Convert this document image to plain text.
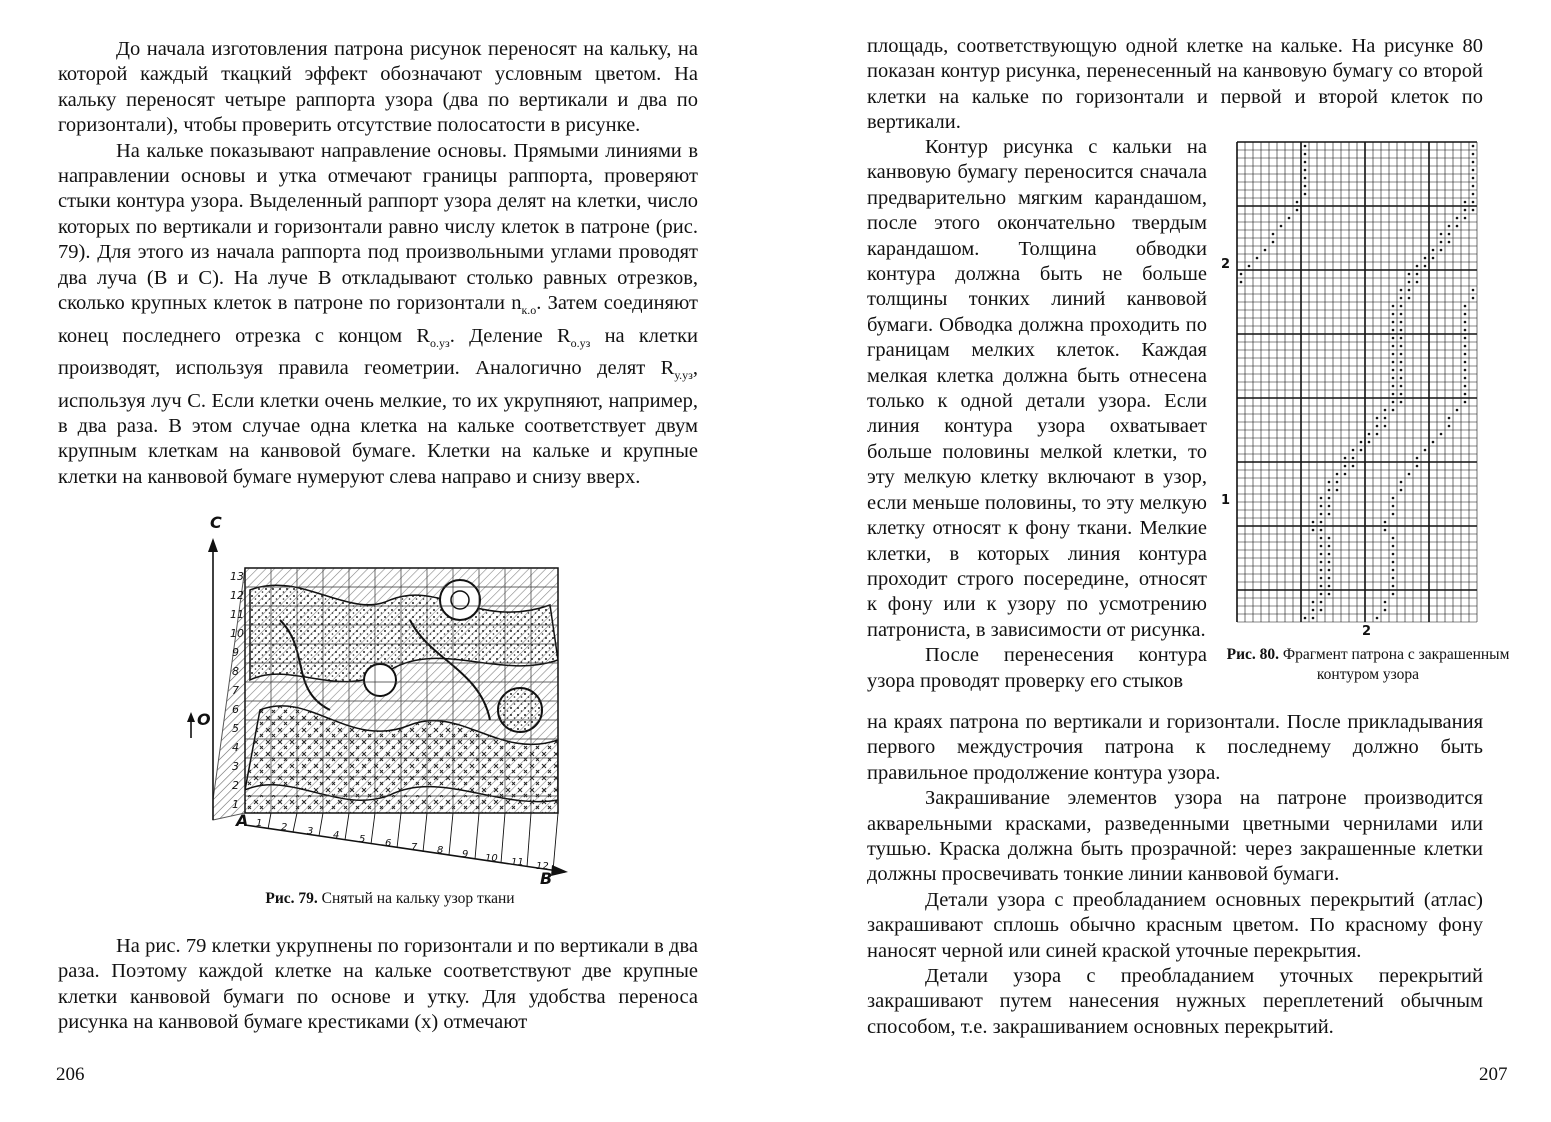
До начала изготовления патрона рисунок переносят на кальку, на которой каждый ткацкий эффект обозначают условным цветом. На кальку переносят четыре раппорта узора (два по вертикали и два по горизонтали), чтобы проверить отсутствие полосатости в рисунке.

На кальке показывают направление основы. Прямыми линиями в направлении основы и утка отмечают границы раппорта, проверяют стыки контура узора. Выделенный раппорт узора делят на клетки, число которых по вертикали и горизонтали равно числу клеток в патроне (рис. 79). Для этого из начала раппорта под произвольными углами проводят два луча (В и С). На луче В откладывают столько равных отрезков, сколько крупных клеток в патроне по горизонтали $n_{к.о}$. Затем соединяют конец последнего отрезка с концом $R_{о.уз}$. Деление $R_{о.уз}$ на клетки производят, используя правила геометрии. Аналогично делят $R_{у.уз}$, используя луч С. Если клетки очень мелкие, то их укрупняют, например, в два раза. В этом случае одна клетка на кальке соответствует двум крупным клеткам на канвовой бумаге. Клетки на кальке и крупные клетки на канвовой бумаге нумеруют слева направо и снизу вверх.

1
2
3
4
5
6
7
8
9
10
11
12
13
1 2 3 4 5 6 7 8 9 10 11 12
C
B
A
О
Рис. 79. Снятый на кальку узор ткани

На рис. 79 клетки укрупнены по горизонтали и по вертикали в два раза. Поэтому каждой клетке на кальке соответствуют две крупные клетки канвовой бумаги по основе и утку. Для удобства переноса рисунка на канвовой бумаге крестиками (х) отмечают

206

площадь, соответствующую одной клетке на кальке. На рисунке 80 показан контур рисунка, перенесенный на канвовую бумагу со второй клетки на кальке по горизонтали и первой и второй клеток по вертикали.

Контур рисунка с кальки на канвовую бумагу переносится сначала предварительно мягким карандашом, после этого окончательно твердым карандашом. Толщина обводки контура должна быть не больше толщины тонких линий канвовой бумаги. Обводка должна проходить по границам мелких клеток. Каждая мелкая клетка должна быть отнесена только к одной детали узора. Если линия контура узора охватывает больше половины мелкой клетки, то эту мелкую клетку включают в узор, если меньше половины, то эту мелкую клетку относят к фону ткани. Мелкие клетки, в которых линия контура проходит строго посередине, относят к фону или к узору по усмотрению патрониста, в зависимости от рисунка.

После перенесения контура узора проводят проверку его стыков

2
1
2
Рис. 80. Фрагмент патрона с закрашенным контуром узора

на краях патрона по вертикали и горизонтали. После прикладывания первого междустрочия патрона к последнему должно быть правильное продолжение контура узора.

Закрашивание элементов узора на патроне производится акварельными красками, разведенными цветными чернилами или тушью. Краска должна быть прозрачной: через закрашенные клетки должны просвечивать тонкие линии канвовой бумаги.

Детали узора с преобладанием основных перекрытий (атлас) закрашивают сплошь обычно красным цветом. По красному фону наносят черной или синей краской уточные перекрытия.

Детали узора с преобладанием уточных перекрытий закрашивают путем нанесения нужных переплетений обычным способом, т.е. закрашиванием основных перекрытий.

207
